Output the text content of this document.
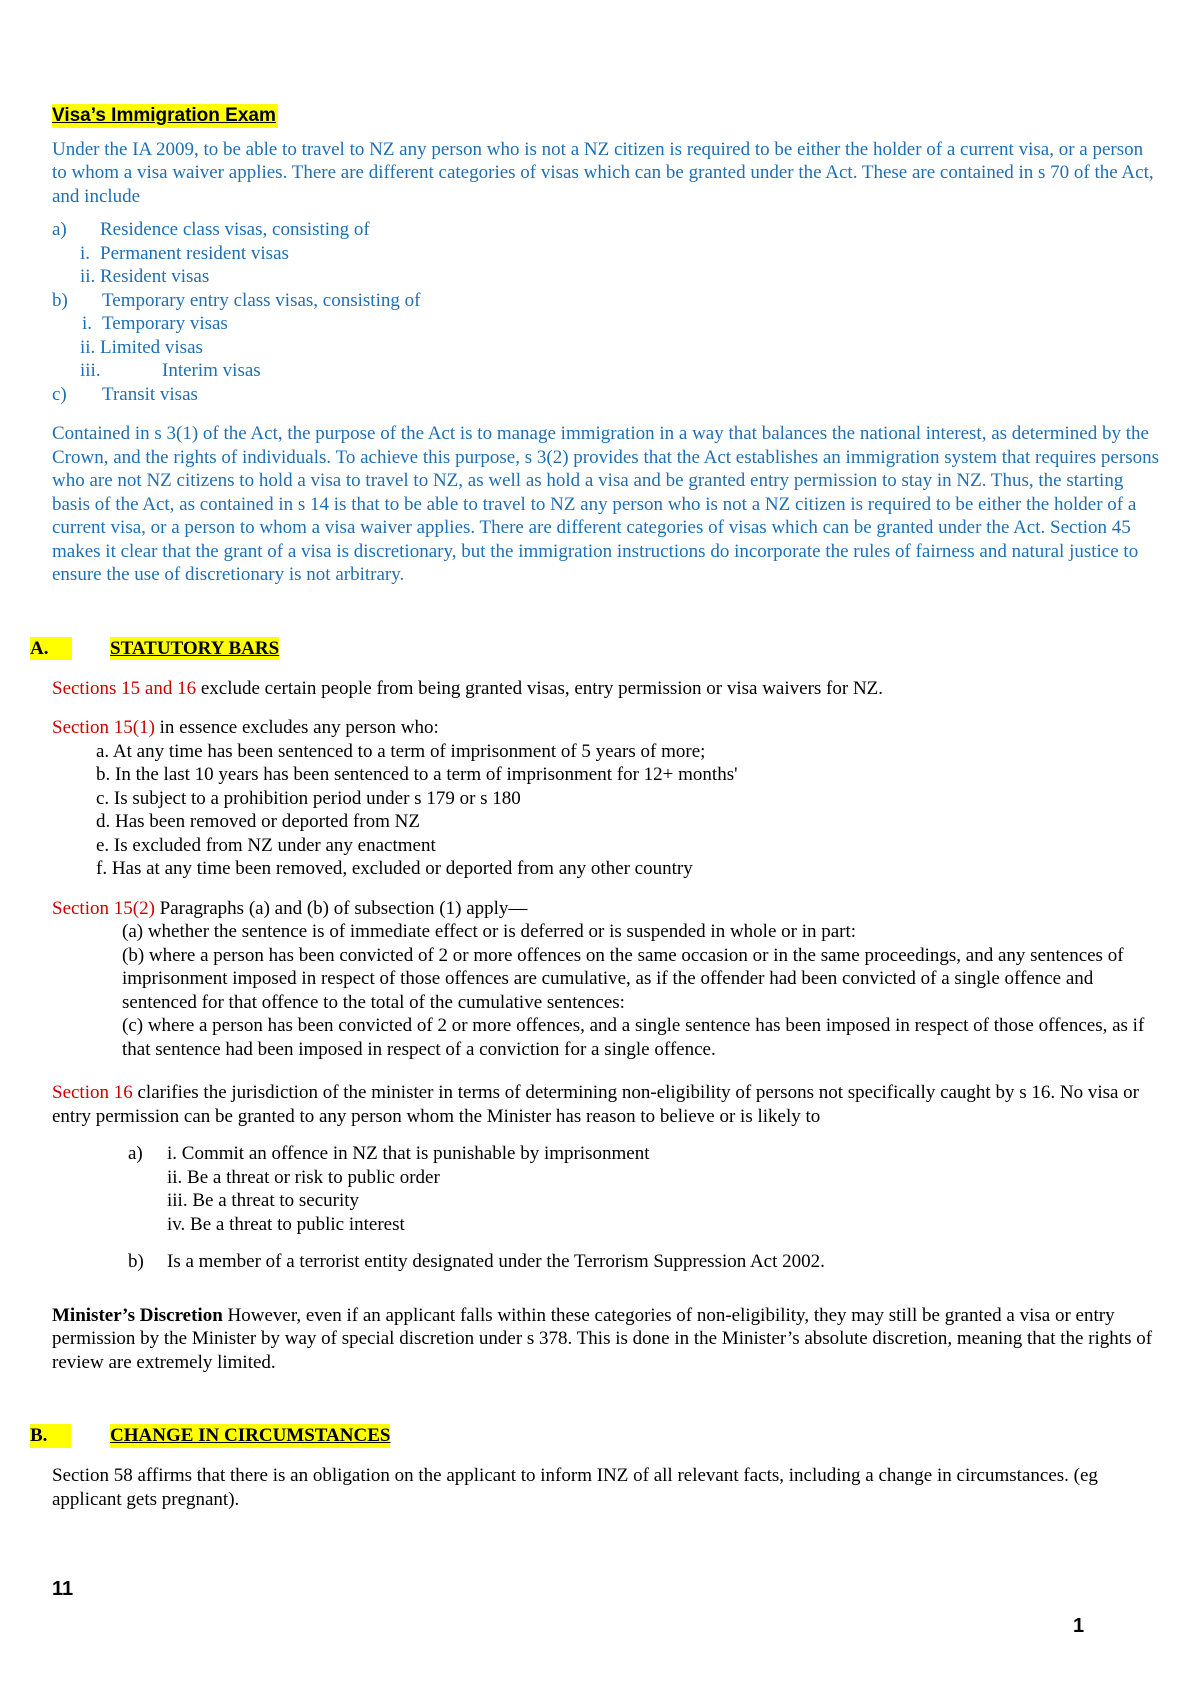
Visa’s Immigration Exam

Under the IA 2009, to be able to travel to NZ any person who is not a NZ citizen is required to be either the holder of a current visa, or a person to whom a visa waiver applies. There are different categories of visas which can be granted under the Act. These are contained in s 70 of the Act, and include

a) Residence class visas, consisting of
i. Permanent resident visas
ii. Resident visas
b) Temporary entry class visas, consisting of
i. Temporary visas
ii. Limited visas
iii.	Interim visas
c) Transit visas

Contained in s 3(1) of the Act, the purpose of the Act is to manage immigration in a way that balances the national interest, as determined by the Crown, and the rights of individuals. To achieve this purpose, s 3(2) provides that the Act establishes an immigration system that requires persons who are not NZ citizens to hold a visa to travel to NZ, as well as hold a visa and be granted entry permission to stay in NZ. Thus, the starting basis of the Act, as contained in s 14 is that to be able to travel to NZ any person who is not a NZ citizen is required to be either the holder of a current visa, or a person to whom a visa waiver applies. There are different categories of visas which can be granted under the Act. Section 45 makes it clear that the grant of a visa is discretionary, but the immigration instructions do incorporate the rules of fairness and natural justice to ensure the use of discretionary is not arbitrary.

A.	STATUTORY BARS

Sections 15 and 16 exclude certain people from being granted visas, entry permission or visa waivers for NZ.

Section 15(1) in essence excludes any person who:

a. At any time has been sentenced to a term of imprisonment of 5 years of more;
b. In the last 10 years has been sentenced to a term of imprisonment for 12+ months'
c. Is subject to a prohibition period under s 179 or s 180
d. Has been removed or deported from NZ
e. Is excluded from NZ under any enactment
f. Has at any time been removed, excluded or deported from any other country

Section 15(2) Paragraphs (a) and (b) of subsection (1) apply—

(a) whether the sentence is of immediate effect or is deferred or is suspended in whole or in part:
(b) where a person has been convicted of 2 or more offences on the same occasion or in the same proceedings, and any sentences of imprisonment imposed in respect of those offences are cumulative, as if the offender had been convicted of a single offence and sentenced for that offence to the total of the cumulative sentences:
(c) where a person has been convicted of 2 or more offences, and a single sentence has been imposed in respect of those offences, as if that sentence had been imposed in respect of a conviction for a single offence.

Section 16 clarifies the jurisdiction of the minister in terms of determining non-eligibility of persons not specifically caught by s 16. No visa or entry permission can be granted to any person whom the Minister has reason to believe or is likely to

a) i. Commit an offence in NZ that is punishable by imprisonment
ii. Be a threat or risk to public order
iii. Be a threat to security
iv. Be a threat to public interest
b) Is a member of a terrorist entity designated under the Terrorism Suppression Act 2002.

Minister’s Discretion However, even if an applicant falls within these categories of non-eligibility, they may still be granted a visa or entry permission by the Minister by way of special discretion under s 378. This is done in the Minister’s absolute discretion, meaning that the rights of review are extremely limited.

B.	CHANGE IN CIRCUMSTANCES

Section 58 affirms that there is an obligation on the applicant to inform INZ of all relevant facts, including a change in circumstances. (eg applicant gets pregnant).

11
1
